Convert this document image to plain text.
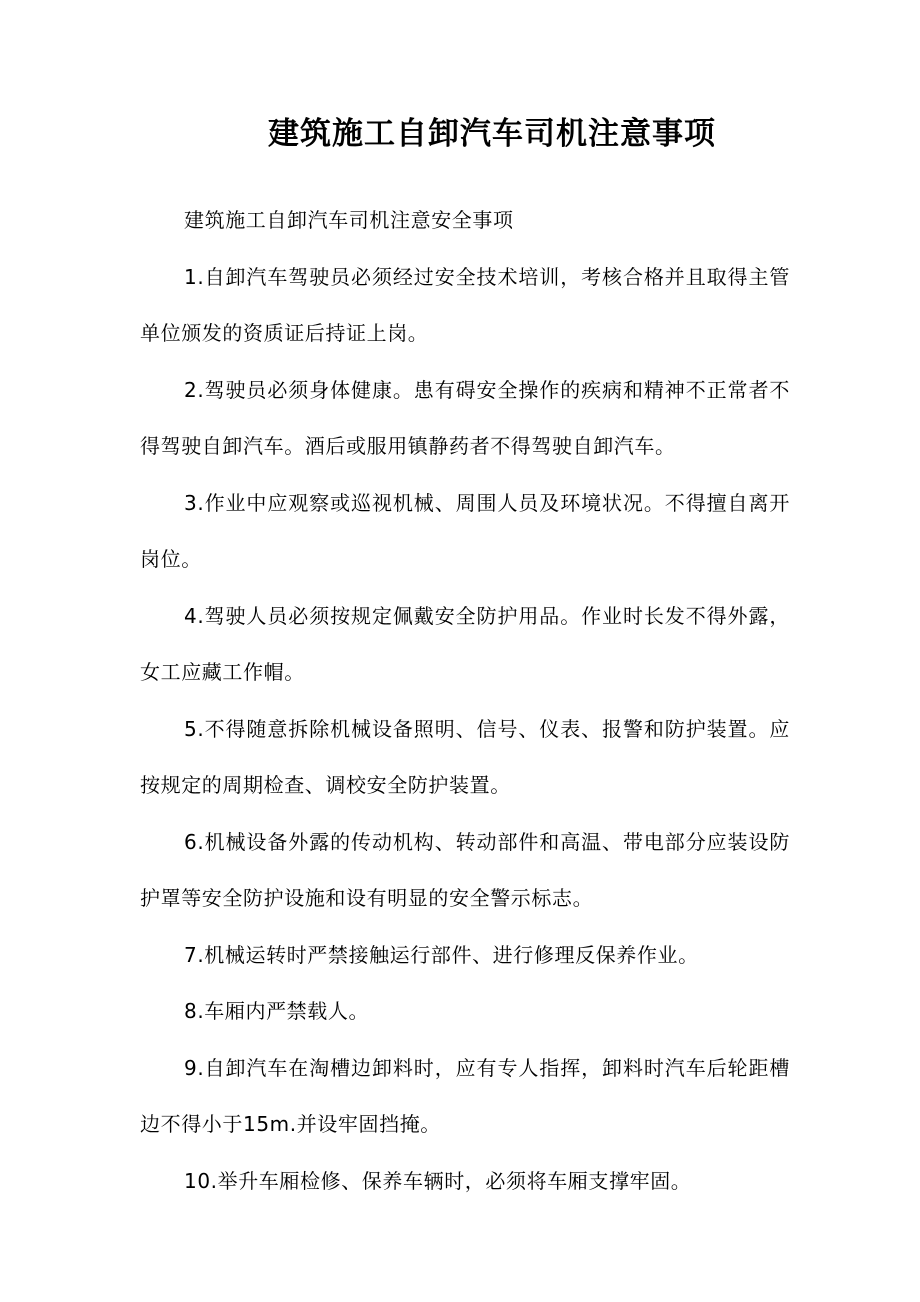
建筑施工自卸汽车司机注意事项

建筑施工自卸汽车司机注意安全事项

1.自卸汽车驾驶员必须经过安全技术培训，考核合格并且取得主管单位颁发的资质证后持证上岗。

2.驾驶员必须身体健康。患有碍安全操作的疾病和精神不正常者不得驾驶自卸汽车。酒后或服用镇静药者不得驾驶自卸汽车。

3.作业中应观察或巡视机械、周围人员及环境状况。不得擅自离开岗位。

4.驾驶人员必须按规定佩戴安全防护用品。作业时长发不得外露，女工应藏工作帽。

5.不得随意拆除机械设备照明、信号、仪表、报警和防护装置。应按规定的周期检查、调校安全防护装置。

6.机械设备外露的传动机构、转动部件和高温、带电部分应装设防护罩等安全防护设施和设有明显的安全警示标志。

7.机械运转时严禁接触运行部件、进行修理反保养作业。

8.车厢内严禁载人。

9.自卸汽车在淘槽边卸料时，应有专人指挥，卸料时汽车后轮距槽边不得小于15m.并设牢固挡掩。

10.举升车厢检修、保养车辆时，必须将车厢支撑牢固。
